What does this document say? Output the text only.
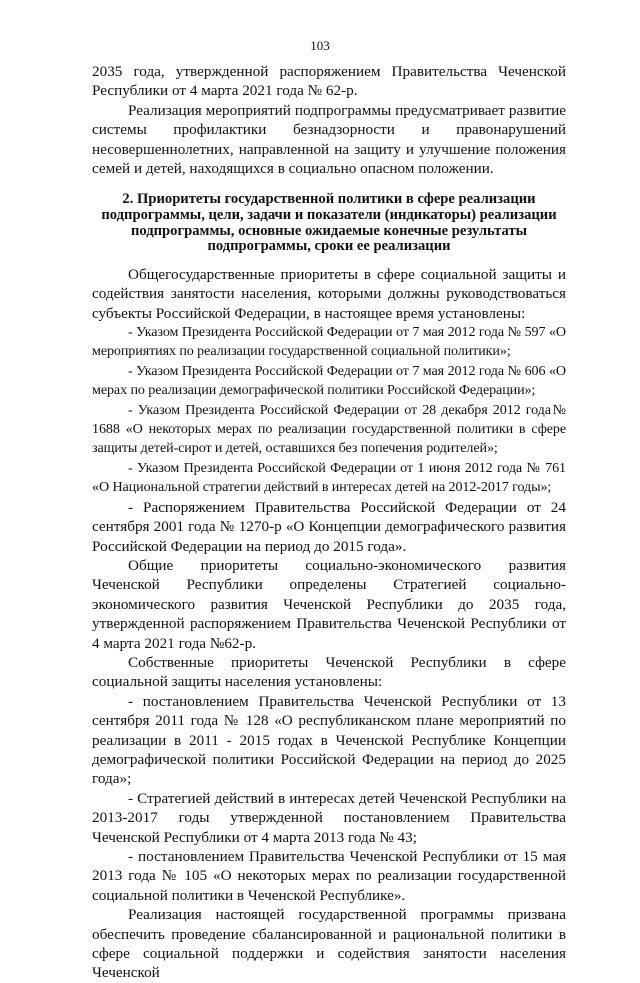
103

2035 года, утвержденной распоряжением Правительства Чеченской Республики от 4 марта 2021 года № 62-р.

Реализация мероприятий подпрограммы предусматривает развитие системы профилактики безнадзорности и правонарушений несовершеннолетних, направленной на защиту и улучшение положения семей и детей, находящихся в социально опасном положении.

2. Приоритеты государственной политики в сфере реализации подпрограммы, цели, задачи и показатели (индикаторы) реализации подпрограммы, основные ожидаемые конечные результаты подпрограммы, сроки ее реализации

Общегосударственные приоритеты в сфере социальной защиты и содействия занятости населения, которыми должны руководствоваться субъекты Российской Федерации, в настоящее время установлены:

- Указом Президента Российской Федерации от 7 мая 2012 года № 597 «О мероприятиях по реализации государственной социальной политики»;

- Указом Президента Российской Федерации от 7 мая 2012 года № 606 «О мерах по реализации демографической политики Российской Федерации»;

- Указом Президента Российской Федерации от 28 декабря 2012 года№ 1688 «О некоторых мерах по реализации государственной политики в сфере защиты детей-сирот и детей, оставшихся без попечения родителей»;

- Указом Президента Российской Федерации от 1 июня 2012 года № 761 «О Национальной стратегии действий в интересах детей на 2012-2017 годы»;

- Распоряжением Правительства Российской Федерации от 24 сентября 2001 года № 1270-р «О Концепции демографического развития Российской Федерации на период до 2015 года».

Общие приоритеты социально-экономического развития Чеченской Республики определены Стратегией социально-экономического развития Чеченской Республики до 2035 года, утвержденной распоряжением Правительства Чеченской Республики от 4 марта 2021 года №62-р.

Собственные приоритеты Чеченской Республики в сфере социальной защиты населения установлены:

- постановлением Правительства Чеченской Республики от 13 сентября 2011 года № 128 «О республиканском плане мероприятий по реализации в 2011 - 2015 годах в Чеченской Республике Концепции демографической политики Российской Федерации на период до 2025 года»;

- Стратегией действий в интересах детей Чеченской Республики на 2013-2017 годы утвержденной постановлением Правительства Чеченской Республики от 4 марта 2013 года № 43;

- постановлением Правительства Чеченской Республики от 15 мая 2013 года № 105 «О некоторых мерах по реализации государственной социальной политики в Чеченской Республике».

Реализация настоящей государственной программы призвана обеспечить проведение сбалансированной и рациональной политики в сфере социальной поддержки и содействия занятости населения Чеченской
